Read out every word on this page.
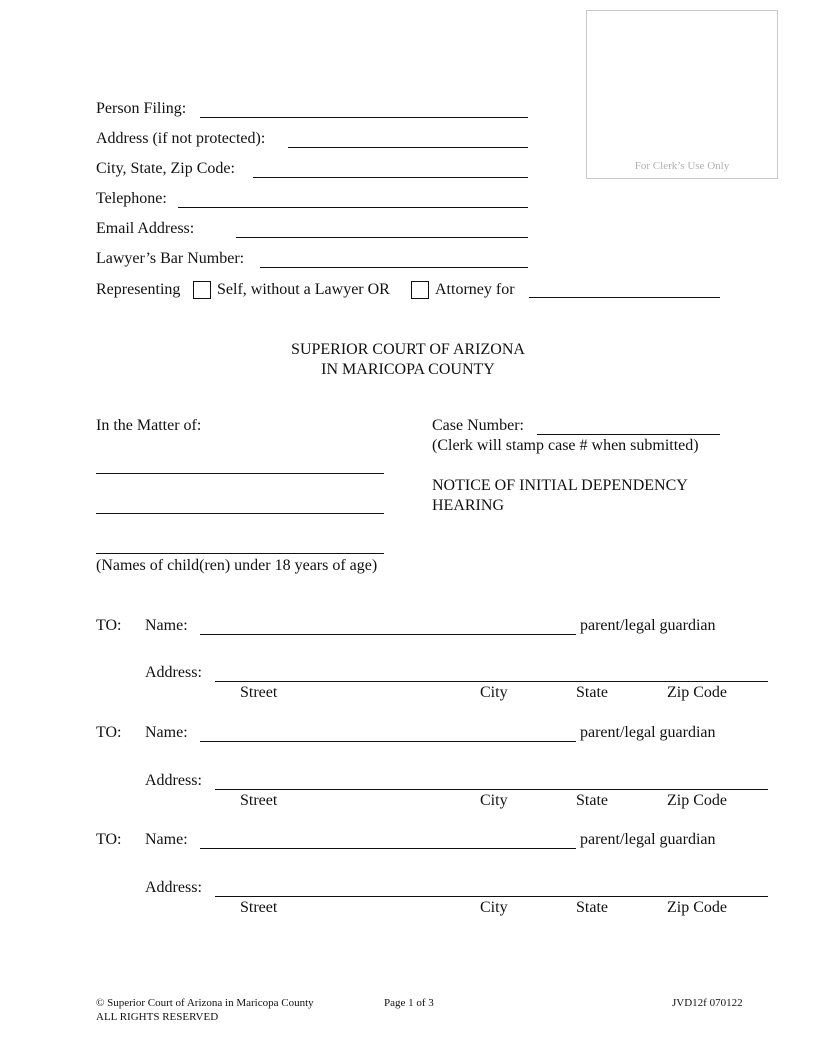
For Clerk’s Use Only
Person Filing:
Address (if not protected):
City, State, Zip Code:
Telephone:
Email Address:
Lawyer’s Bar Number:
Representing Self, without a Lawyer OR	Attorney for
SUPERIOR COURT OF ARIZONA
IN MARICOPA COUNTY
In the Matter of:
(Names of child(ren) under 18 years of age)
Case Number:
(Clerk will stamp case # when submitted)
NOTICE OF INITIAL DEPENDENCY
HEARING
TO: Name:	parent/legal guardian
Address:
Street	City	State	Zip Code
TO: Name:	parent/legal guardian
Address:
Street	City	State	Zip Code
TO: Name:	parent/legal guardian
Address:
Street	City	State	Zip Code
© Superior Court of Arizona in Maricopa County
ALL RIGHTS RESERVED
Page 1 of 3	JVD12f 070122
